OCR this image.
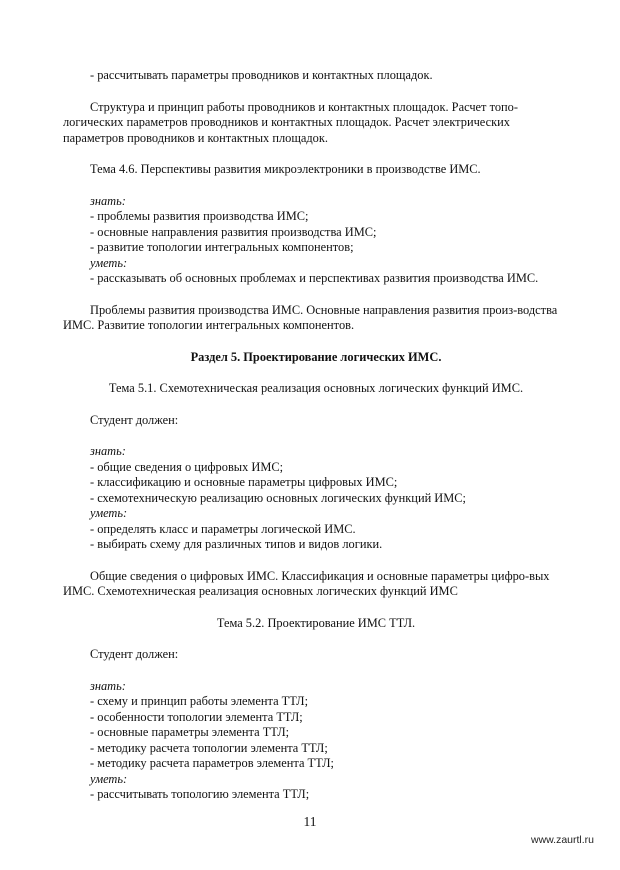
- рассчитывать параметры проводников и контактных площадок.

Структура и принцип работы проводников и контактных площадок. Расчет топо-логических параметров проводников и контактных площадок. Расчет электрических параметров проводников и контактных площадок.

Тема 4.6. Перспективы развития микроэлектроники в производстве ИМС.

знать:

- проблемы развития производства ИМС;

- основные направления развития производства ИМС;

- развитие топологии интегральных компонентов;

уметь:

- рассказывать об основных проблемах и перспективах развития производства ИМС.

Проблемы развития производства ИМС. Основные направления развития произ-водства ИМС. Развитие топологии интегральных компонентов.

Раздел 5. Проектирование логических ИМС.

Тема 5.1. Схемотехническая реализация основных логических функций ИМС.

Студент должен:

знать:

- общие сведения о цифровых ИМС;

- классификацию и основные параметры цифровых ИМС;

- схемотехническую реализацию основных логических функций ИМС;

уметь:

- определять класс и параметры логической ИМС.

- выбирать схему для различных типов и видов логики.

Общие сведения о цифровых ИМС. Классификация и основные параметры цифро-вых ИМС. Схемотехническая реализация основных логических функций ИМС

Тема 5.2. Проектирование ИМС ТТЛ.

Студент должен:

знать:

- схему и принцип работы элемента ТТЛ;

- особенности топологии элемента ТТЛ;

- основные параметры элемента ТТЛ;

- методику расчета топологии элемента ТТЛ;

- методику расчета параметров элемента ТТЛ;

уметь:

- рассчитывать топологию элемента ТТЛ;

11
www.zaurtl.ru
